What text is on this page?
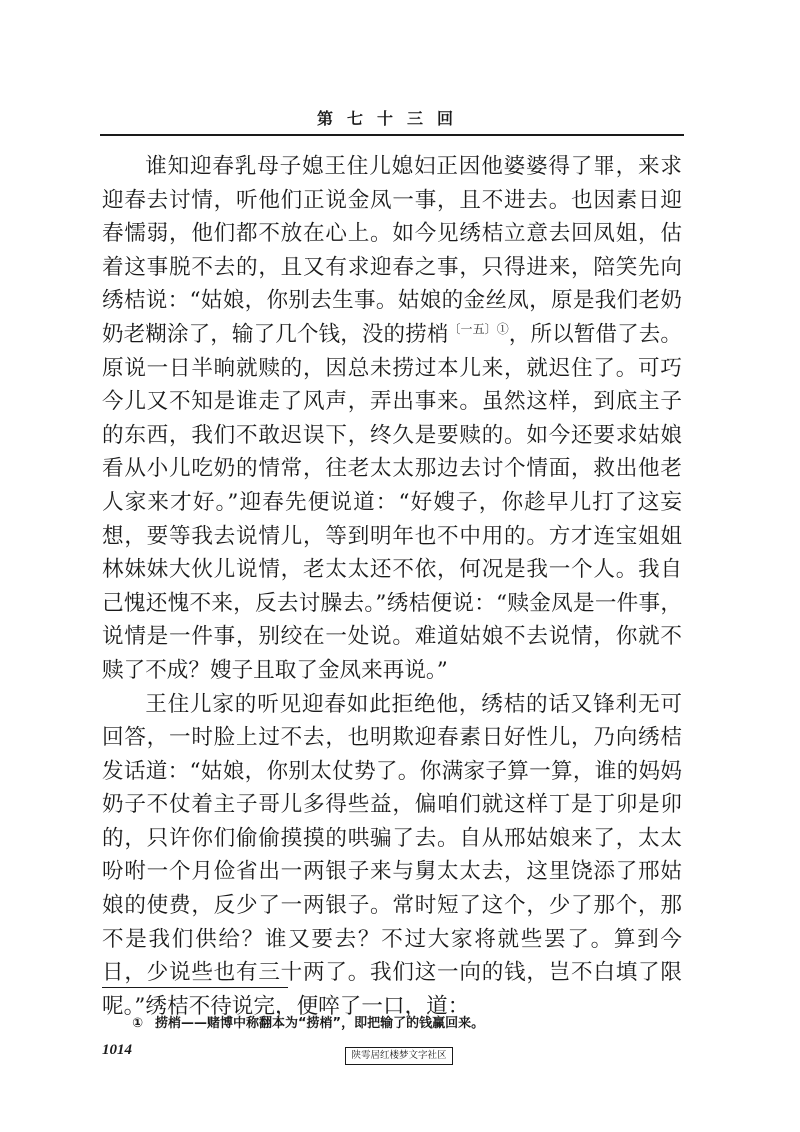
第七十三回

谁知迎春乳母子媳王住儿媳妇正因他婆婆得了罪，来求迎春去讨情，听他们正说金凤一事，且不进去。也因素日迎春懦弱，他们都不放在心上。如今见绣桔立意去回凤姐，估着这事脱不去的，且又有求迎春之事，只得进来，陪笑先向绣桔说：“姑娘，你别去生事。姑娘的金丝凤，原是我们老奶奶老糊涂了，输了几个钱，没的捞梢$^{〔一五〕①}$，所以暂借了去。原说一日半晌就赎的，因总未捞过本儿来，就迟住了。可巧今儿又不知是谁走了风声，弄出事来。虽然这样，到底主子的东西，我们不敢迟误下，终久是要赎的。如今还要求姑娘看从小儿吃奶的情常，往老太太那边去讨个情面，救出他老人家来才好。”迎春先便说道：“好嫂子，你趁早儿打了这妄想，要等我去说情儿，等到明年也不中用的。方才连宝姐姐林妹妹大伙儿说情，老太太还不依，何况是我一个人。我自己愧还愧不来，反去讨臊去。”绣桔便说：“赎金凤是一件事，说情是一件事，别绞在一处说。难道姑娘不去说情，你就不赎了不成？嫂子且取了金凤来再说。”

王住儿家的听见迎春如此拒绝他，绣桔的话又锋利无可回答，一时脸上过不去，也明欺迎春素日好性儿，乃向绣桔发话道：“姑娘，你别太仗势了。你满家子算一算，谁的妈妈奶子不仗着主子哥儿多得些益，偏咱们就这样丁是丁卯是卯的，只许你们偷偷摸摸的哄骗了去。自从邢姑娘来了，太太吩咐一个月俭省出一两银子来与舅太太去，这里饶添了邢姑娘的使费，反少了一两银子。常时短了这个，少了那个，那不是我们供给？谁又要去？不过大家将就些罢了。算到今日，少说些也有三十两了。我们这一向的钱，岂不白填了限呢。”绣桔不待说完，便啐了一口，道：

① 捞梢——赌博中称翻本为“捞梢”，即把输了的钱赢回来。
1014	陕雩居红楼梦文字社区
